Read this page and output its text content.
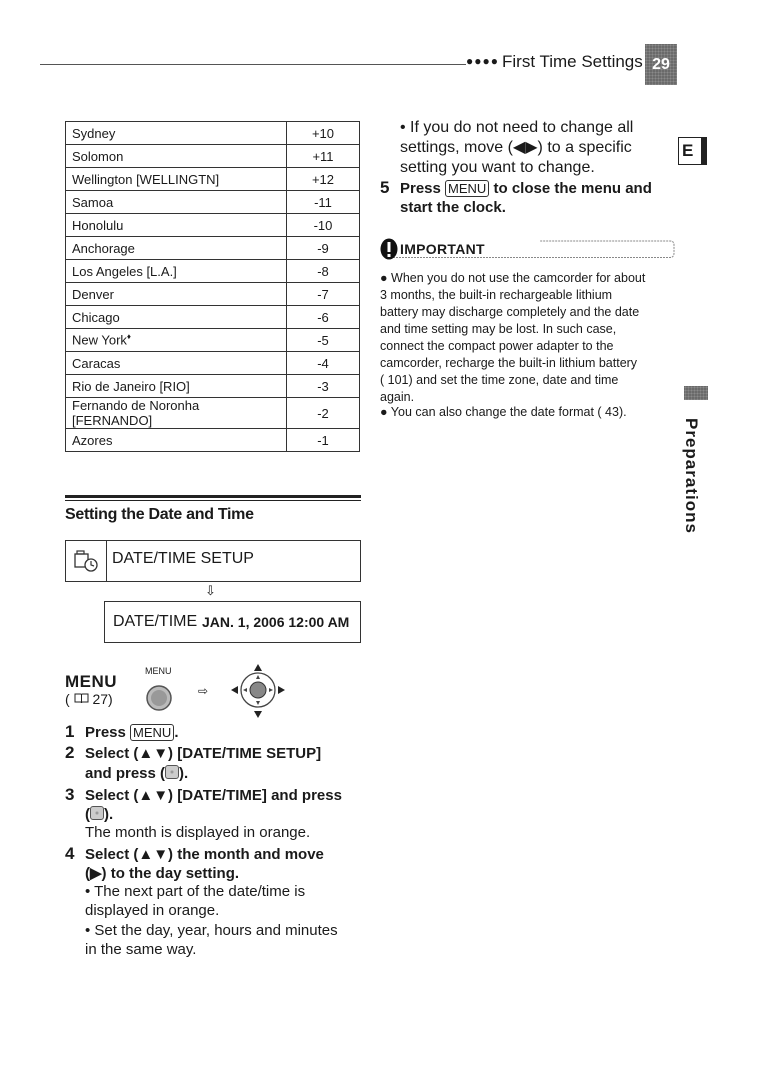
●●●● First Time Settings 29
E
Preparations
Sydney	+10
Solomon	+11
Wellington [WELLINGTN]	+12
Samoa	-11
Honolulu	-10
Anchorage	-9
Los Angeles [L.A.]	-8
Denver	-7
Chicago	-6
New York♦	-5
Caracas	-4
Rio de Janeiro [RIO]	-3
Fernando de Noronha [FERNANDO]	-2
Azores	-1
Setting the Date and Time
DATE/TIME SETUP
⇩
DATE/TIME JAN. 1, 2006 12:00 AM
MENU
( 27)
MENU
⇨
1 Press MENU .
2 Select (▲▼) [DATE/TIME SETUP]
and press ( ).
3 Select (▲▼) [DATE/TIME] and press
( ).
The month is displayed in orange.
4 Select (▲▼) the month and move
(▶) to the day setting.
• The next part of the date/time is
displayed in orange.
• Set the day, year, hours and minutes
in the same way.
• If you do not need to change all
settings, move (◀▶) to a specific
setting you want to change.
5 Press MENU to close the menu and
start the clock.
IMPORTANT
● When you do not use the camcorder for about
3 months, the built-in rechargeable lithium
battery may discharge completely and the date
and time setting may be lost. In such case,
connect the compact power adapter to the
camcorder, recharge the built-in lithium battery
( 101) and set the time zone, date and time
again.
● You can also change the date format ( 43).
